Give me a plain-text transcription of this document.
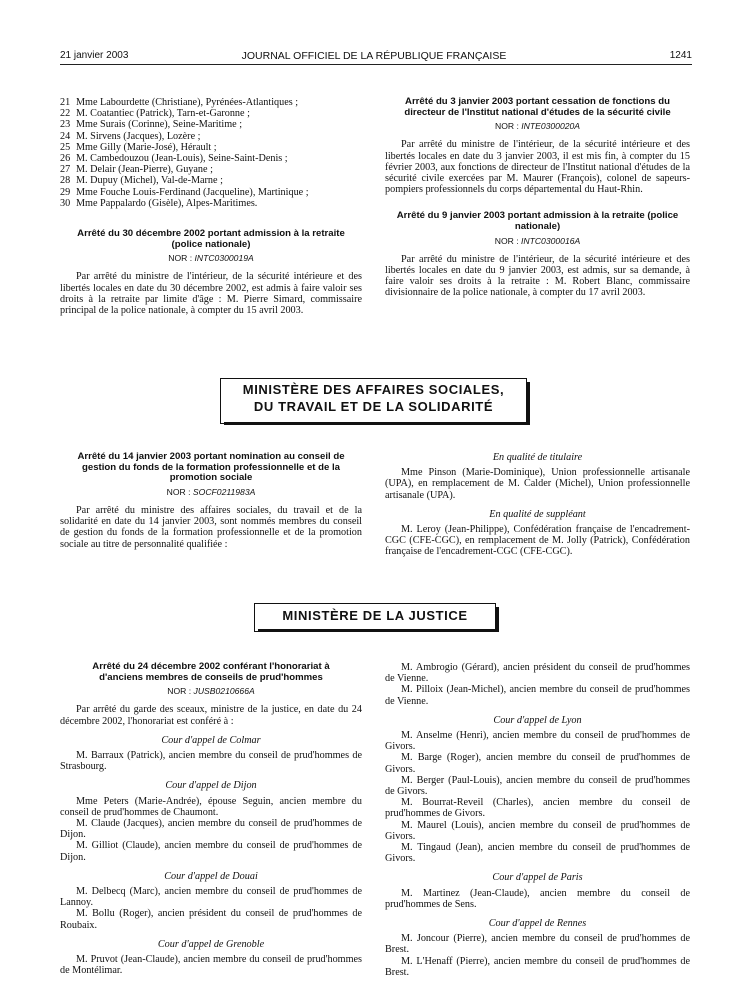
21 janvier 2003	JOURNAL OFFICIEL DE LA RÉPUBLIQUE FRANÇAISE	1241
21 Mme Labourdette (Christiane), Pyrénées-Atlantiques ;
22 M. Coatantiec (Patrick), Tarn-et-Garonne ;
23 Mme Surais (Corinne), Seine-Maritime ;
24 M. Sirvens (Jacques), Lozère ;
25 Mme Gilly (Marie-José), Hérault ;
26 M. Cambedouzou (Jean-Louis), Seine-Saint-Denis ;
27 M. Delair (Jean-Pierre), Guyane ;
28 M. Dupuy (Michel), Val-de-Marne ;
29 Mme Fouche Louis-Ferdinand (Jacqueline), Martinique ;
30 Mme Pappalardo (Gisèle), Alpes-Maritimes.
Arrêté du 30 décembre 2002 portant admission à la retraite (police nationale)
NOR : INTC0300019A

Par arrêté du ministre de l'intérieur, de la sécurité intérieure et des libertés locales en date du 30 décembre 2002, est admis à faire valoir ses droits à la retraite par limite d'âge : M. Pierre Simard, commissaire principal de la police nationale, à compter du 15 avril 2003.

Arrêté du 3 janvier 2003 portant cessation de fonctions du directeur de l'Institut national d'études de la sécurité civile
NOR : INTE0300020A

Par arrêté du ministre de l'intérieur, de la sécurité intérieure et des libertés locales en date du 3 janvier 2003, il est mis fin, à compter du 15 février 2003, aux fonctions de directeur de l'Institut national d'études de la sécurité civile exercées par M. Maurer (François), colonel de sapeurs-pompiers professionnels du corps départemental du Haut-Rhin.

Arrêté du 9 janvier 2003 portant admission à la retraite (police nationale)
NOR : INTC0300016A

Par arrêté du ministre de l'intérieur, de la sécurité intérieure et des libertés locales en date du 9 janvier 2003, est admis, sur sa demande, à faire valoir ses droits à la retraite : M. Robert Blanc, commissaire divisionnaire de la police nationale, à compter du 17 avril 2003.

MINISTÈRE DES AFFAIRES SOCIALES,
DU TRAVAIL ET DE LA SOLIDARITÉ
Arrêté du 14 janvier 2003 portant nomination au conseil de gestion du fonds de la formation professionnelle et de la promotion sociale
NOR : SOCF0211983A

Par arrêté du ministre des affaires sociales, du travail et de la solidarité en date du 14 janvier 2003, sont nommés membres du conseil de gestion du fonds de la formation professionnelle et de la promotion sociale au titre de personnalité qualifiée :

En qualité de titulaire

Mme Pinson (Marie-Dominique), Union professionnelle artisanale (UPA), en remplacement de M. Calder (Michel), Union professionnelle artisanale (UPA).

En qualité de suppléant

M. Leroy (Jean-Philippe), Confédération française de l'encadrement-CGC (CFE-CGC), en remplacement de M. Jolly (Patrick), Confédération française de l'encadrement-CGC (CFE-CGC).

MINISTÈRE DE LA JUSTICE
Arrêté du 24 décembre 2002 conférant l'honorariat à d'anciens membres de conseils de prud'hommes
NOR : JUSB0210666A

Par arrêté du garde des sceaux, ministre de la justice, en date du 24 décembre 2002, l'honorariat est conféré à :

Cour d'appel de Colmar

M. Barraux (Patrick), ancien membre du conseil de prud'hommes de Strasbourg.

Cour d'appel de Dijon

Mme Peters (Marie-Andrée), épouse Seguin, ancien membre du conseil de prud'hommes de Chaumont.

M. Claude (Jacques), ancien membre du conseil de prud'hommes de Dijon.

M. Gilliot (Claude), ancien membre du conseil de prud'hommes de Dijon.

Cour d'appel de Douai

M. Delbecq (Marc), ancien membre du conseil de prud'hommes de Lannoy.

M. Bollu (Roger), ancien président du conseil de prud'hommes de Roubaix.

Cour d'appel de Grenoble

M. Pruvot (Jean-Claude), ancien membre du conseil de prud'hommes de Montélimar.

M. Ambrogio (Gérard), ancien président du conseil de prud'hommes de Vienne.

M. Pilloix (Jean-Michel), ancien membre du conseil de prud'hommes de Vienne.

Cour d'appel de Lyon

M. Anselme (Henri), ancien membre du conseil de prud'hommes de Givors.

M. Barge (Roger), ancien membre du conseil de prud'hommes de Givors.

M. Berger (Paul-Louis), ancien membre du conseil de prud'hommes de Givors.

M. Bourrat-Reveil (Charles), ancien membre du conseil de prud'hommes de Givors.

M. Maurel (Louis), ancien membre du conseil de prud'hommes de Givors.

M. Tingaud (Jean), ancien membre du conseil de prud'hommes de Givors.

Cour d'appel de Paris

M. Martinez (Jean-Claude), ancien membre du conseil de prud'hommes de Sens.

Cour d'appel de Rennes

M. Joncour (Pierre), ancien membre du conseil de prud'hommes de Brest.

M. L'Henaff (Pierre), ancien membre du conseil de prud'hommes de Brest.
